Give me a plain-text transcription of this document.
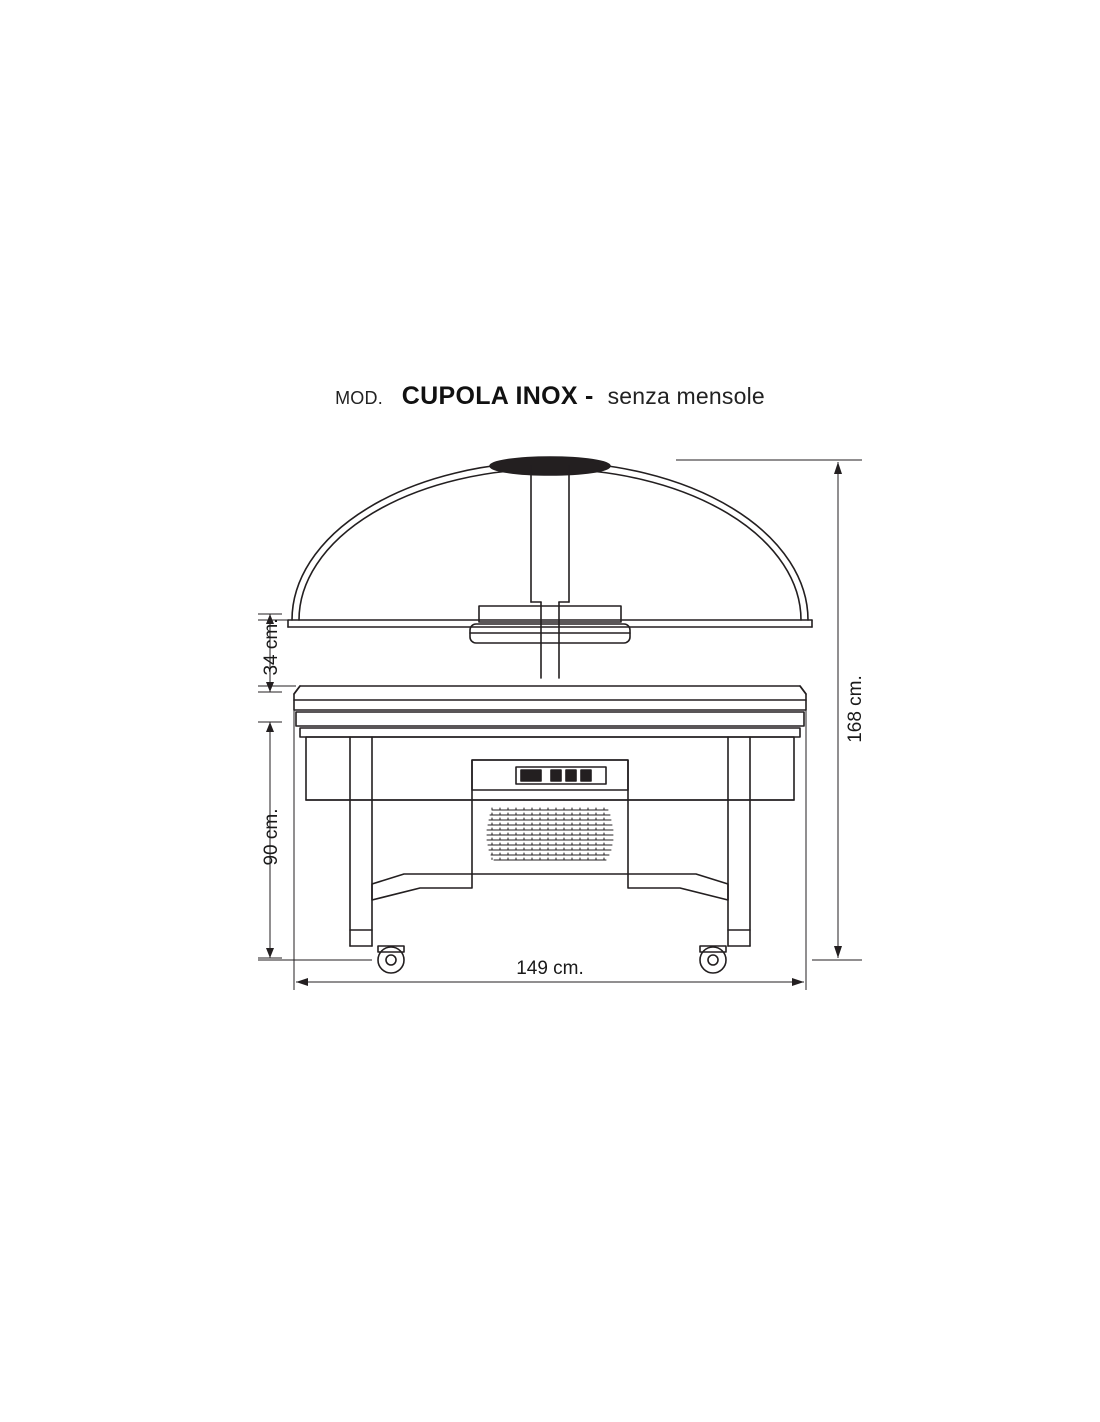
MOD. CUPOLA INOX - senza mensole
34 cm.
90 cm.
168 cm.
149 cm.
